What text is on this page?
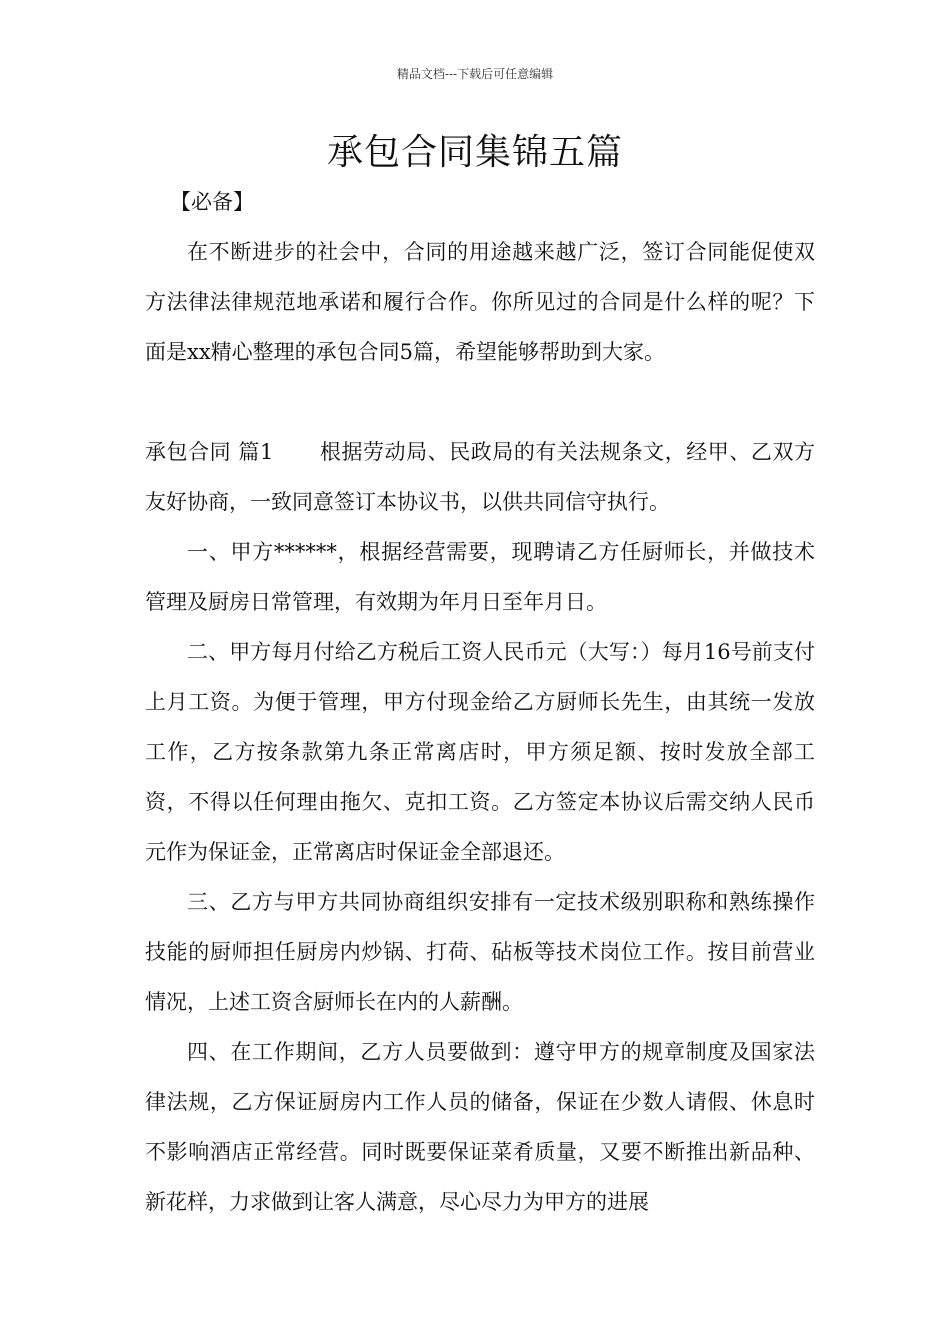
精品文档---下载后可任意编辑
承包合同集锦五篇

【必备】

在不断进步的社会中，合同的用途越来越广泛，签订合同能促使双方法律法律规范地承诺和履行合作。你所见过的合同是什么样的呢？下面是xx精心整理的承包合同5篇，希望能够帮助到大家。

承包合同 篇1 根据劳动局、民政局的有关法规条文，经甲、乙双方友好协商，一致同意签订本协议书，以供共同信守执行。

一、甲方******，根据经营需要，现聘请乙方任厨师长，并做技术管理及厨房日常管理，有效期为年月日至年月日。

二、甲方每月付给乙方税后工资人民币元（大写：）每月16号前支付上月工资。为便于管理，甲方付现金给乙方厨师长先生，由其统一发放工作，乙方按条款第九条正常离店时，甲方须足额、按时发放全部工资，不得以任何理由拖欠、克扣工资。乙方签定本协议后需交纳人民币元作为保证金，正常离店时保证金全部退还。

三、乙方与甲方共同协商组织安排有一定技术级别职称和熟练操作技能的厨师担任厨房内炒锅、打荷、砧板等技术岗位工作。按目前营业情况，上述工资含厨师长在内的人薪酬。

四、在工作期间，乙方人员要做到：遵守甲方的规章制度及国家法律法规，乙方保证厨房内工作人员的储备，保证在少数人请假、休息时不影响酒店正常经营。同时既要保证菜肴质量，又要不断推出新品种、新花样，力求做到让客人满意，尽心尽力为甲方的进展
